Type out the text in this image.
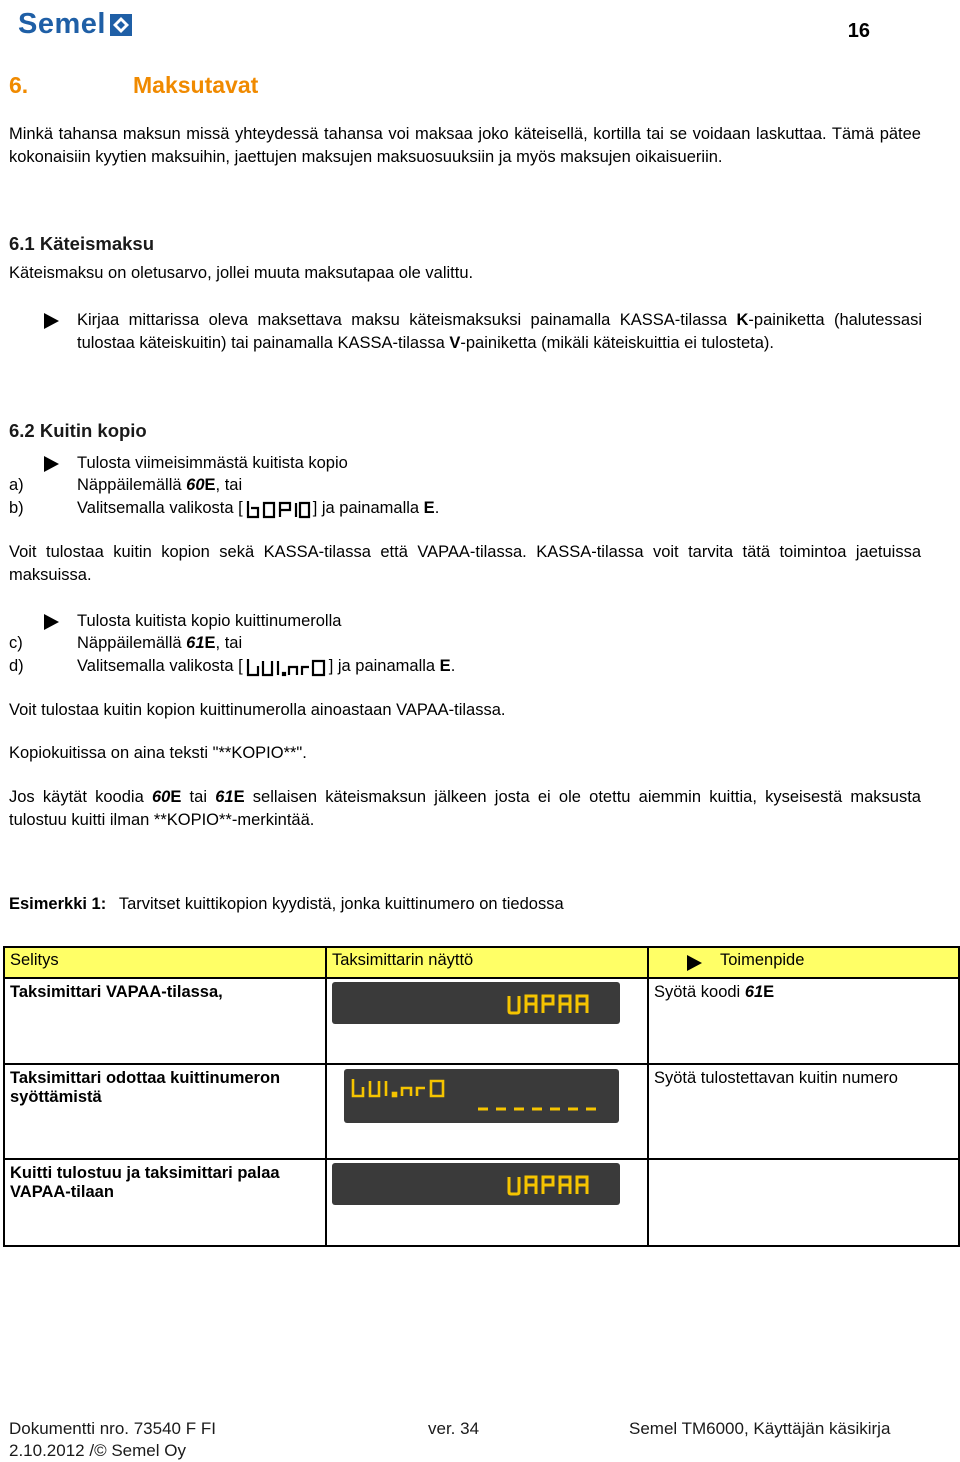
Semel	16
6.	Maksutavat
Minkä tahansa maksun missä yhteydessä tahansa voi maksaa joko käteisellä, kortilla tai se voidaan laskuttaa. Tämä pätee kokonaisiin kyytien maksuihin, jaettujen maksujen maksuosuuksiin ja myös maksujen oikaisueriin.
6.1 Käteismaksu
Käteismaksu on oletusarvo, jollei muuta maksutapaa ole valittu.
Kirjaa mittarissa oleva maksettava maksu käteismaksuksi painamalla KASSA-tilassa K-painiketta (halutessasi tulostaa käteiskuitin) tai painamalla KASSA-tilassa V-painiketta (mikäli käteiskuittia ei tulosteta).
6.2 Kuitin kopio
Tulosta viimeisimmästä kuitista kopio
a)	Näppäilemällä 60E, tai
b)	Valitsemalla valikosta [	] ja painamalla E.
Voit tulostaa kuitin kopion sekä KASSA-tilassa että VAPAA-tilassa. KASSA-tilassa voit tarvita tätä toimintoa jaetuissa maksuissa.
Tulosta kuitista kopio kuittinumerolla
c)	Näppäilemällä 61E, tai
d)	Valitsemalla valikosta [	] ja painamalla E.
Voit tulostaa kuitin kopion kuittinumerolla ainoastaan VAPAA-tilassa.
Kopiokuitissa on aina teksti "**KOPIO**".
Jos käytät koodia 60E tai 61E sellaisen käteismaksun jälkeen josta ei ole otettu aiemmin kuittia, kyseisestä maksusta tulostuu kuitti ilman **KOPIO**-merkintää.
Esimerkki 1: Tarvitset kuittikopion kyydistä, jonka kuittinumero on tiedossa
Selitys	Taksimittarin näyttö	Toimenpide
Taksimittari VAPAA-tilassa,		Syötä koodi 61E
Taksimittari odottaa kuittinumeron syöttämistä		Syötä tulostettavan kuitin numero
Kuitti tulostuu ja taksimittari palaa VAPAA-tilaan	

Dokumentti nro. 73540 F FI
2.10.2012 /© Semel Oy
ver. 34	Semel TM6000, Käyttäjän käsikirja
